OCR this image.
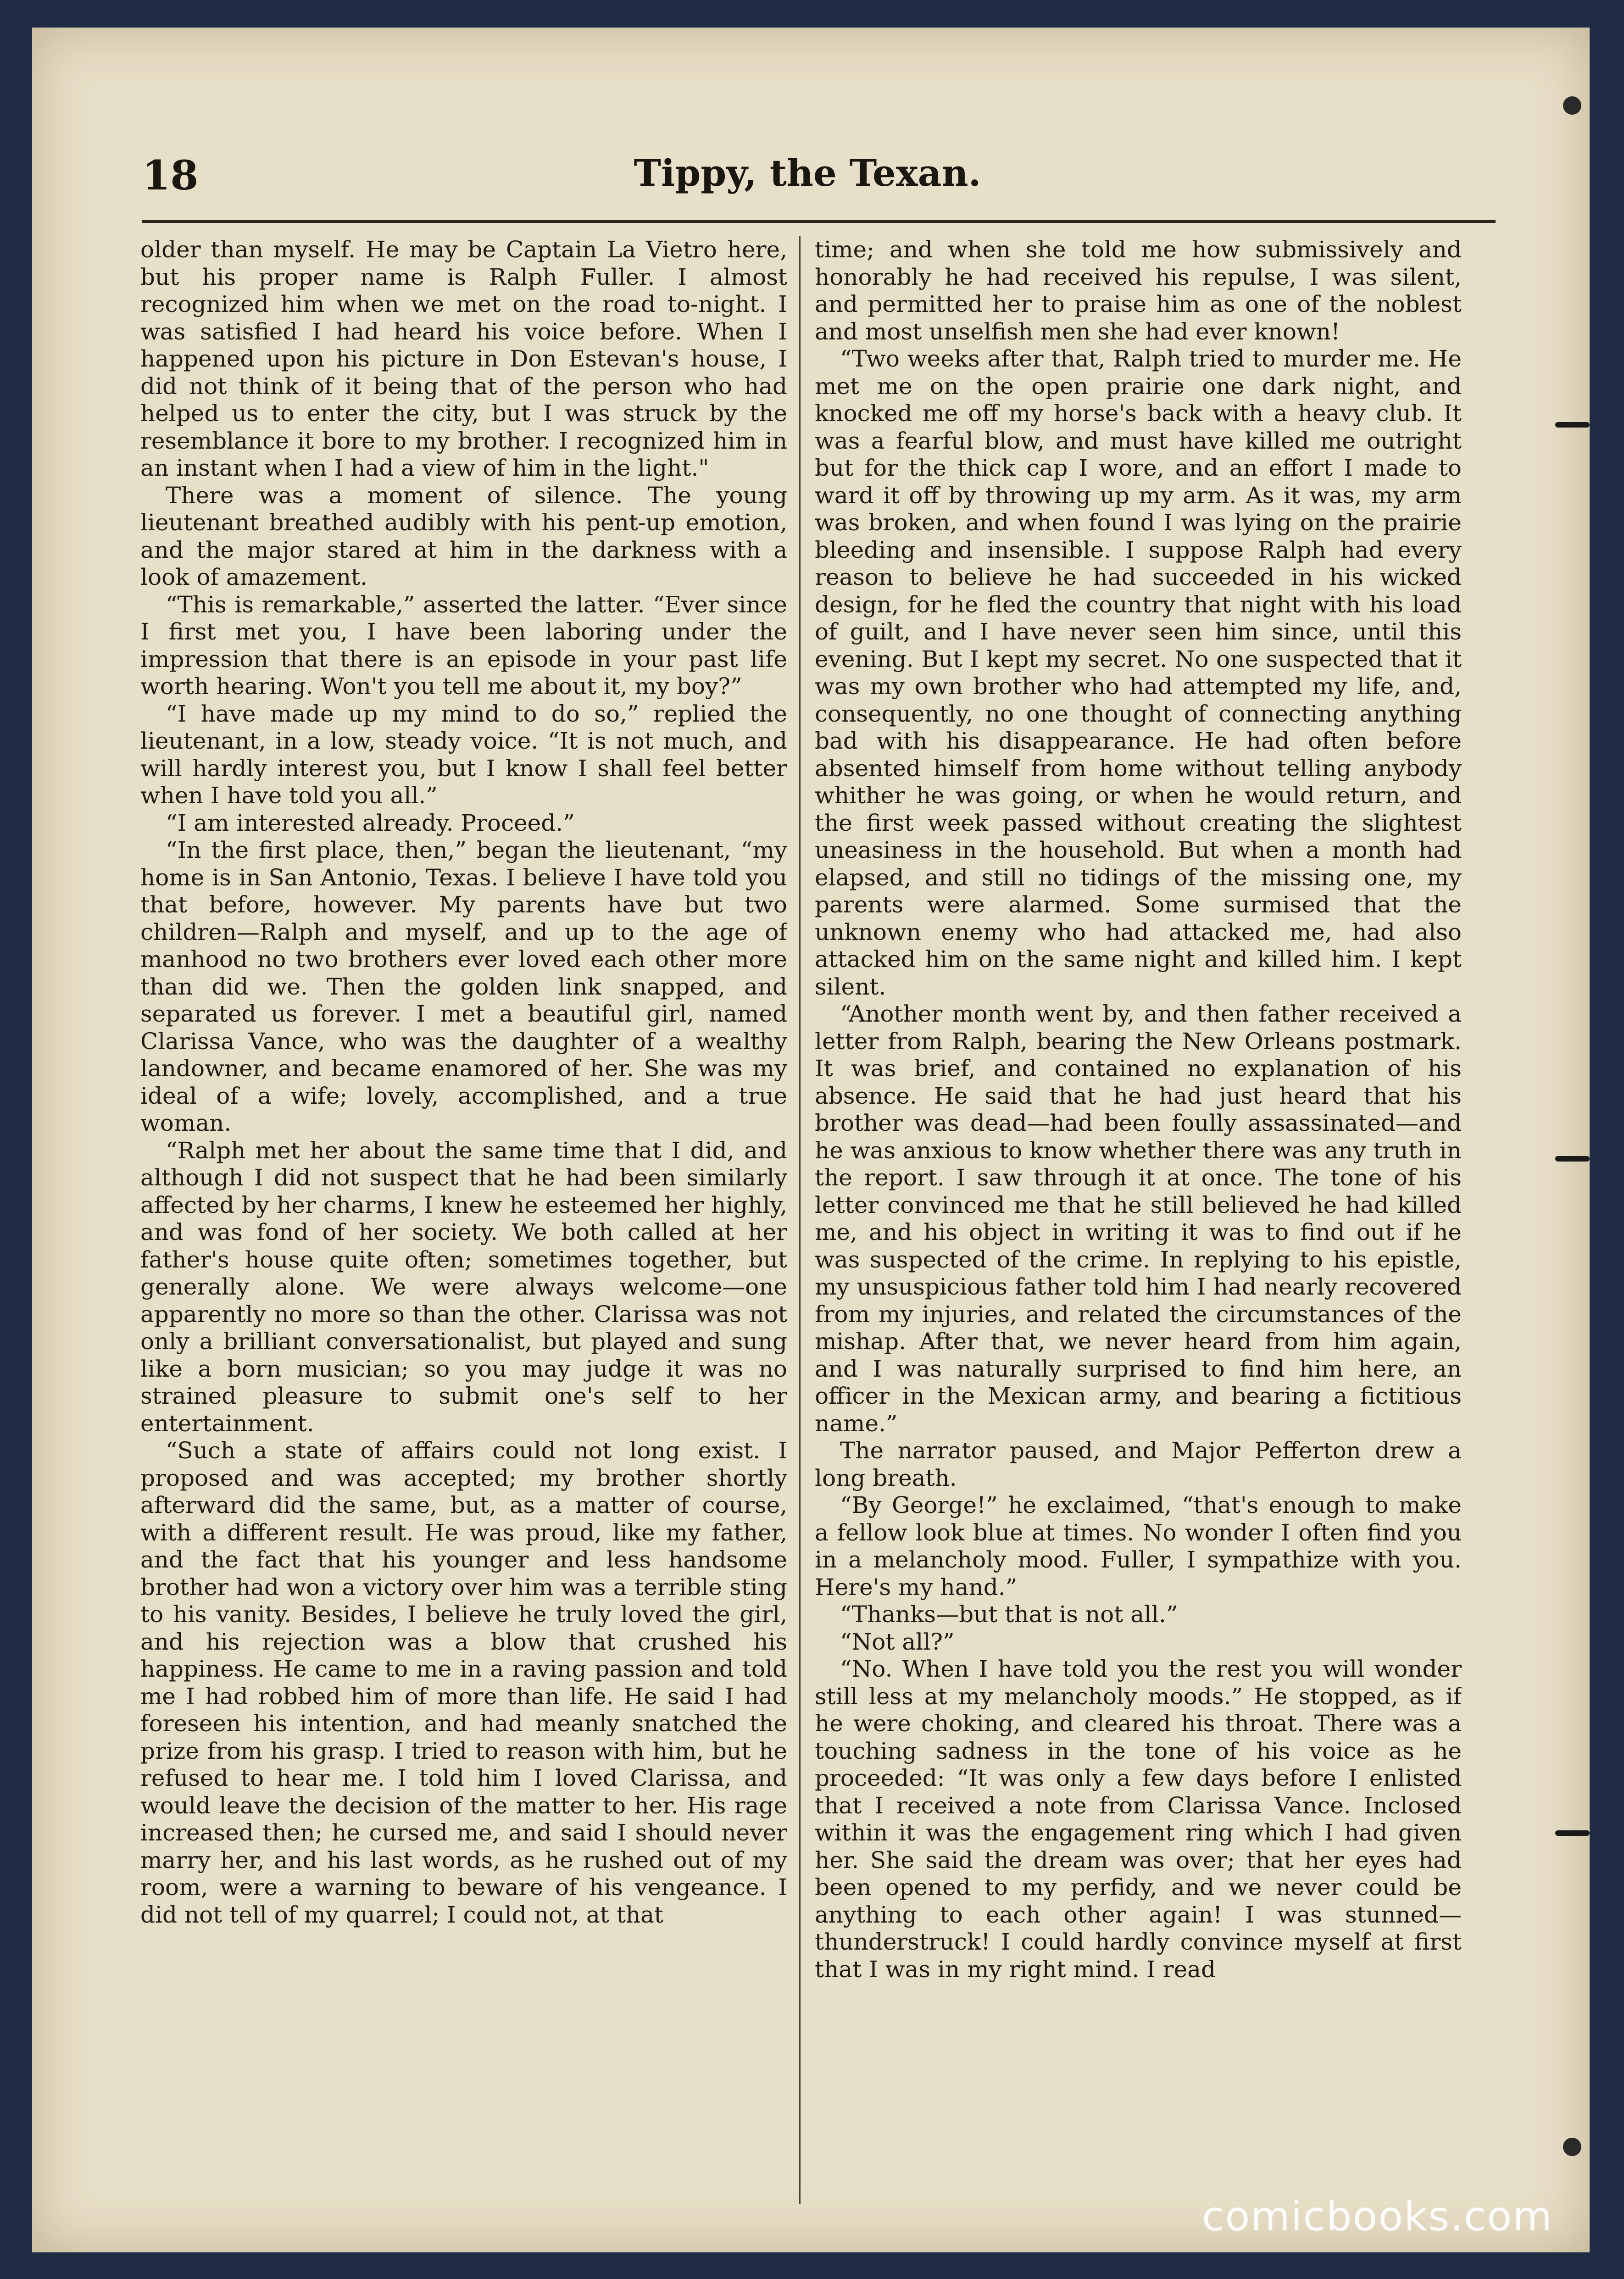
18	Tippy, the Texan.

older than myself. He may be Captain La Vietro here, but his proper name is Ralph Fuller. I almost recognized him when we met on the road to-night. I was satisfied I had heard his voice before. When I happened upon his picture in Don Estevan's house, I did not think of it being that of the person who had helped us to enter the city, but I was struck by the resemblance it bore to my brother. I recognized him in an instant when I had a view of him in the light."

There was a moment of silence. The young lieutenant breathed audibly with his pent-up emotion, and the major stared at him in the darkness with a look of amazement.

“This is remarkable,” asserted the latter. “Ever since I first met you, I have been laboring under the impression that there is an episode in your past life worth hearing. Won't you tell me about it, my boy?”

“I have made up my mind to do so,” replied the lieutenant, in a low, steady voice. “It is not much, and will hardly interest you, but I know I shall feel better when I have told you all.”

“I am interested already. Proceed.”

“In the first place, then,” began the lieutenant, “my home is in San Antonio, Texas. I believe I have told you that before, however. My parents have but two children—Ralph and myself, and up to the age of manhood no two brothers ever loved each other more than did we. Then the golden link snapped, and separated us forever. I met a beautiful girl, named Clarissa Vance, who was the daughter of a wealthy landowner, and became enamored of her. She was my ideal of a wife; lovely, accomplished, and a true woman.

“Ralph met her about the same time that I did, and although I did not suspect that he had been similarly affected by her charms, I knew he esteemed her highly, and was fond of her society. We both called at her father's house quite often; sometimes together, but generally alone. We were always welcome—one apparently no more so than the other. Clarissa was not only a brilliant conversationalist, but played and sung like a born musician; so you may judge it was no strained pleasure to submit one's self to her entertainment.

“Such a state of affairs could not long exist. I proposed and was accepted; my brother shortly afterward did the same, but, as a matter of course, with a different result. He was proud, like my father, and the fact that his younger and less handsome brother had won a victory over him was a terrible sting to his vanity. Besides, I believe he truly loved the girl, and his rejection was a blow that crushed his happiness. He came to me in a raving passion and told me I had robbed him of more than life. He said I had foreseen his intention, and had meanly snatched the prize from his grasp. I tried to reason with him, but he refused to hear me. I told him I loved Clarissa, and would leave the decision of the matter to her. His rage increased then; he cursed me, and said I should never marry her, and his last words, as he rushed out of my room, were a warning to beware of his vengeance. I did not tell of my quarrel; I could not, at that

time; and when she told me how submissively and honorably he had received his repulse, I was silent, and permitted her to praise him as one of the noblest and most unselfish men she had ever known!

“Two weeks after that, Ralph tried to murder me. He met me on the open prairie one dark night, and knocked me off my horse's back with a heavy club. It was a fearful blow, and must have killed me outright but for the thick cap I wore, and an effort I made to ward it off by throwing up my arm. As it was, my arm was broken, and when found I was lying on the prairie bleeding and insensible. I suppose Ralph had every reason to believe he had succeeded in his wicked design, for he fled the country that night with his load of guilt, and I have never seen him since, until this evening. But I kept my secret. No one suspected that it was my own brother who had attempted my life, and, consequently, no one thought of connecting anything bad with his disappearance. He had often before absented himself from home without telling anybody whither he was going, or when he would return, and the first week passed without creating the slightest uneasiness in the household. But when a month had elapsed, and still no tidings of the missing one, my parents were alarmed. Some surmised that the unknown enemy who had attacked me, had also attacked him on the same night and killed him. I kept silent.

“Another month went by, and then father received a letter from Ralph, bearing the New Orleans postmark. It was brief, and contained no explanation of his absence. He said that he had just heard that his brother was dead—had been foully assassinated—and he was anxious to know whether there was any truth in the report. I saw through it at once. The tone of his letter convinced me that he still believed he had killed me, and his object in writing it was to find out if he was suspected of the crime. In replying to his epistle, my unsuspicious father told him I had nearly recovered from my injuries, and related the circumstances of the mishap. After that, we never heard from him again, and I was naturally surprised to find him here, an officer in the Mexican army, and bearing a fictitious name.”

The narrator paused, and Major Pefferton drew a long breath.

“By George!” he exclaimed, “that's enough to make a fellow look blue at times. No wonder I often find you in a melancholy mood. Fuller, I sympathize with you. Here's my hand.”

“Thanks—but that is not all.”

“Not all?”

“No. When I have told you the rest you will wonder still less at my melancholy moods.” He stopped, as if he were choking, and cleared his throat. There was a touching sadness in the tone of his voice as he proceeded: “It was only a few days before I enlisted that I received a note from Clarissa Vance. Inclosed within it was the engagement ring which I had given her. She said the dream was over; that her eyes had been opened to my perfidy, and we never could be anything to each other again! I was stunned—thunderstruck! I could hardly convince myself at first that I was in my right mind. I read

comicbooks.com
